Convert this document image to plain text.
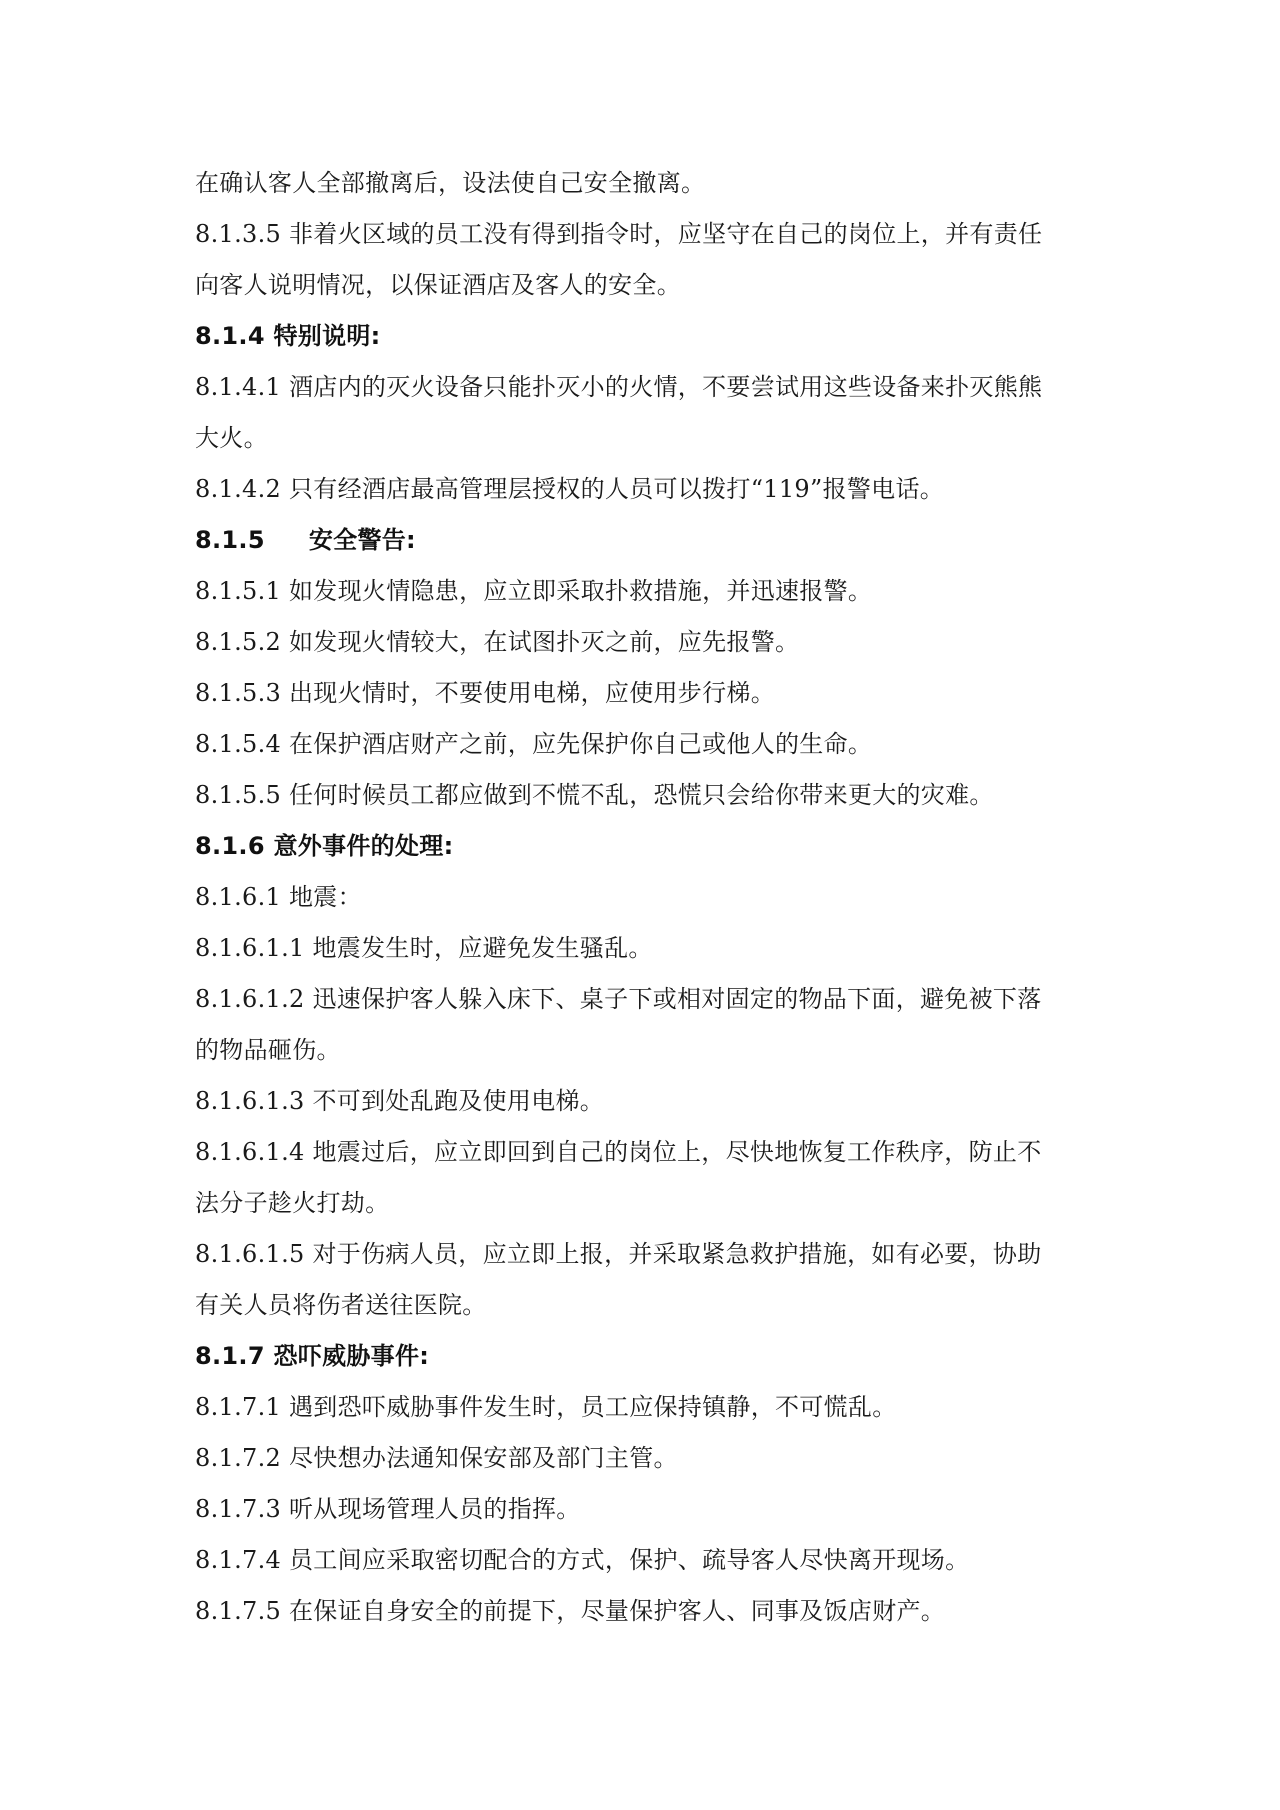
在确认客人全部撤离后，设法使自己安全撤离。
8.1.3.5 非着火区域的员工没有得到指令时，应坚守在自己的岗位上，并有责任
向客人说明情况，以保证酒店及客人的安全。
8.1.4 特别说明:
8.1.4.1 酒店内的灭火设备只能扑灭小的火情，不要尝试用这些设备来扑灭熊熊
大火。
8.1.4.2 只有经酒店最高管理层授权的人员可以拨打“119”报警电话。
8.1.5 安全警告:
8.1.5.1 如发现火情隐患，应立即采取扑救措施，并迅速报警。
8.1.5.2 如发现火情较大，在试图扑灭之前，应先报警。
8.1.5.3 出现火情时，不要使用电梯，应使用步行梯。
8.1.5.4 在保护酒店财产之前，应先保护你自己或他人的生命。
8.1.5.5 任何时候员工都应做到不慌不乱，恐慌只会给你带来更大的灾难。
8.1.6 意外事件的处理:
8.1.6.1 地震：
8.1.6.1.1 地震发生时，应避免发生骚乱。
8.1.6.1.2 迅速保护客人躲入床下、桌子下或相对固定的物品下面，避免被下落
的物品砸伤。
8.1.6.1.3 不可到处乱跑及使用电梯。
8.1.6.1.4 地震过后，应立即回到自己的岗位上，尽快地恢复工作秩序，防止不
法分子趁火打劫。
8.1.6.1.5 对于伤病人员，应立即上报，并采取紧急救护措施，如有必要，协助
有关人员将伤者送往医院。
8.1.7 恐吓威胁事件:
8.1.7.1 遇到恐吓威胁事件发生时，员工应保持镇静，不可慌乱。
8.1.7.2 尽快想办法通知保安部及部门主管。
8.1.7.3 听从现场管理人员的指挥。
8.1.7.4 员工间应采取密切配合的方式，保护、疏导客人尽快离开现场。
8.1.7.5 在保证自身安全的前提下，尽量保护客人、同事及饭店财产。
